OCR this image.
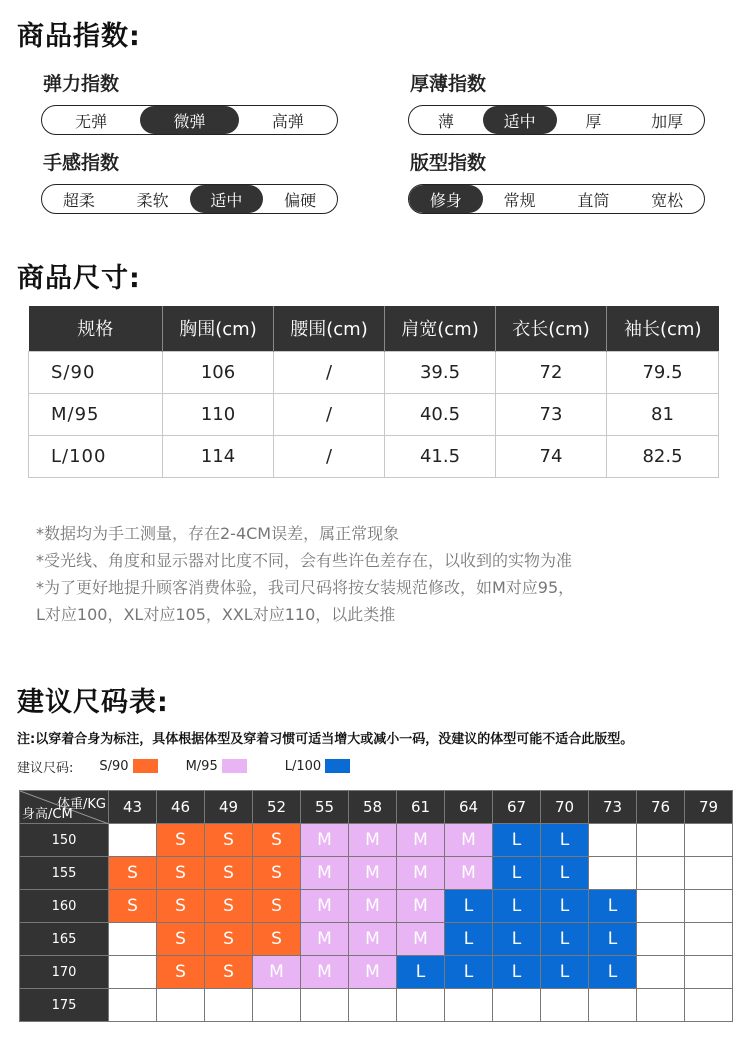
商品指数:
弹力指数
无弹	微弹	高弹
厚薄指数
薄	适中	厚	加厚
手感指数
超柔	柔软	适中	偏硬
版型指数
修身	常规	直筒	宽松
商品尺寸:
规格	胸围(cm)	腰围(cm)	肩宽(cm)	衣长(cm)	袖长(cm)
S/90	106	/	39.5	72	79.5
M/95	110	/	40.5	73	81
L/100	114	/	41.5	74	82.5
*数据均为手工测量，存在2-4CM误差，属正常现象
*受光线、角度和显示器对比度不同，会有些许色差存在，以收到的实物为准
*为了更好地提升顾客消费体验，我司尺码将按女装规范修改，如M对应95，
L对应100，XL对应105，XXL对应110，以此类推
建议尺码表:
注:以穿着合身为标注，具体根据体型及穿着习惯可适当增大或减小一码，没建议的体型可能不适合此版型。
建议尺码: S/90	M/95	L/100
体重/KG
身高/CM	43	46	49	52	55	58	61	64	67	70	73	76	79
150		S	S	S	M	M	M	M	L	L			
155	S	S	S	S	M	M	M	M	L	L			
160	S	S	S	S	M	M	M	L	L	L	L		
165		S	S	S	M	M	M	L	L	L	L		
170		S	S	M	M	M	L	L	L	L	L		
175													
